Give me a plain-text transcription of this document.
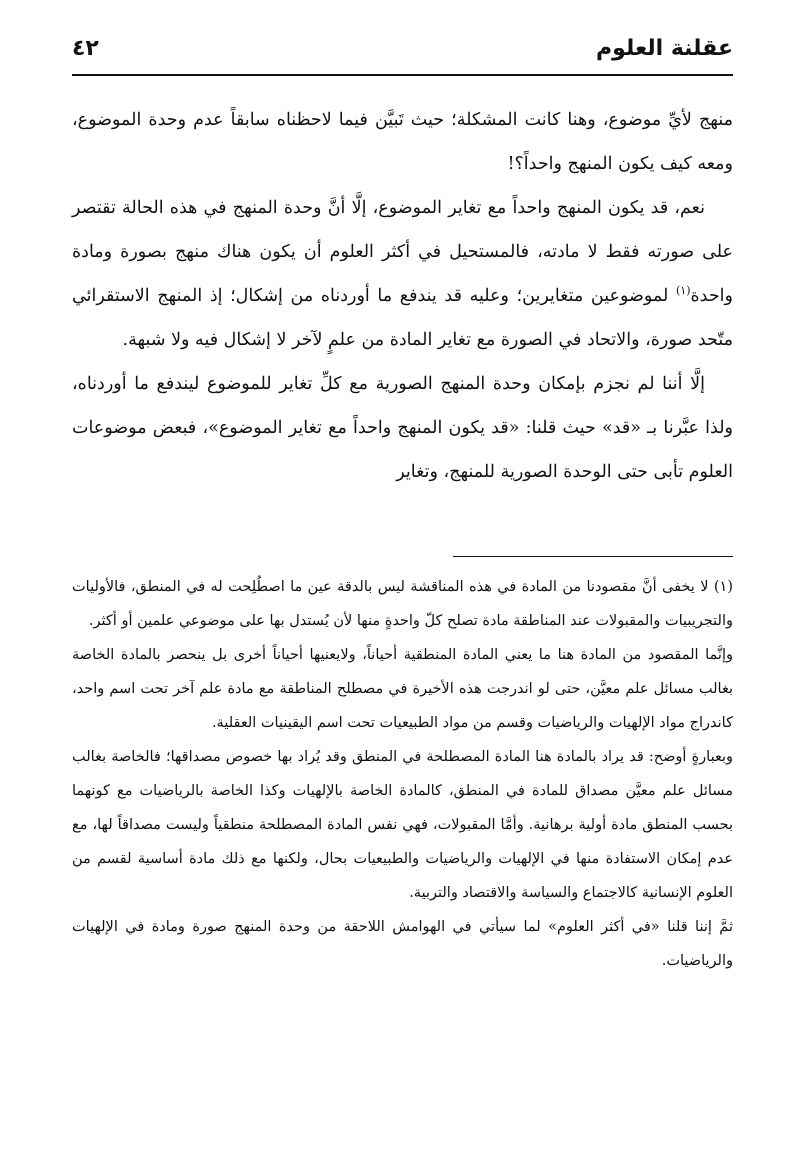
عقلنة العلوم
٤٢

منهج لأيِّ موضوع، وهنا كانت المشكلة؛ حيث تَبيَّن فيما لاحظناه سابقاً عدم وحدة الموضوع، ومعه كيف يكون المنهج واحداً؟!

نعم، قد يكون المنهج واحداً مع تغاير الموضوع، إلَّا أنَّ وحدة المنهج في هذه الحالة تقتصر على صورته فقط لا مادته، فالمستحيل في أكثر العلوم أن يكون هناك منهج بصورة ومادة واحدة$^{(١)}$ لموضوعين متغايرين؛ وعليه قد يندفع ما أوردناه من إشكال؛ إذ المنهج الاستقرائي متّحد صورة، والاتحاد في الصورة مع تغاير المادة من علمٍ لآخر لا إشكال فيه ولا شبهة.

إلَّا أننا لم نجزم بإمكان وحدة المنهج الصورية مع كلِّ تغاير للموضوع ليندفع ما أوردناه، ولذا عبَّرنا بـ «قد» حيث قلنا: «قد يكون المنهج واحداً مع تغاير الموضوع»، فبعض موضوعات العلوم تأبى حتى الوحدة الصورية للمنهج، وتغاير

(١) لا يخفى أنَّ مقصودنا من المادة في هذه المناقشة ليس بالدقة عين ما اصطُلِحت له في المنطق، فالأوليات والتجريبيات والمقبولات عند المناطقة مادة تصلح كلّ واحدةٍ منها لأن يُستدل بها على موضوعي علمين أو أكثر.

وإنَّما المقصود من المادة هنا ما يعني المادة المنطقية أحياناً، ولايعنيها أحياناً أخرى بل ينحصر بالمادة الخاصة بغالب مسائل علم معيَّن، حتى لو اندرجت هذه الأخيرة في مصطلح المناطقة مع مادة علم آخر تحت اسم واحد، كاندراج مواد الإلهيات والرياضيات وقسم من مواد الطبيعيات تحت اسم اليقينيات العقلية.

وبعبارةٍ أوضح: قد يراد بالمادة هنا المادة المصطلحة في المنطق وقد يُراد بها خصوص مصداقها؛ فالخاصة بغالب مسائل علم معيَّن مصداق للمادة في المنطق، كالمادة الخاصة بالإلهيات وكذا الخاصة بالرياضيات مع كونهما بحسب المنطق مادة أولية برهانية. وأمَّا المقبولات، فهي نفس المادة المصطلحة منطقياً وليست مصداقاً لها، مع عدم إمكان الاستفادة منها في الإلهيات والرياضيات والطبيعيات بحال، ولكنها مع ذلك مادة أساسية لقسم من العلوم الإنسانية كالاجتماع والسياسة والاقتصاد والتربية.

ثمَّ إننا قلنا «في أكثر العلوم» لما سيأتي في الهوامش اللاحقة من وحدة المنهج صورة ومادة في الإلهيات والرياضيات.
